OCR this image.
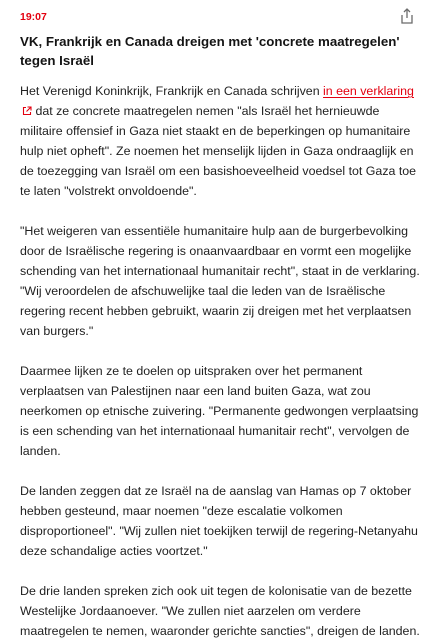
19:07
VK, Frankrijk en Canada dreigen met 'concrete maatregelen' tegen Israël

Het Verenigd Koninkrijk, Frankrijk en Canada schrijven in een verklaring dat ze concrete maatregelen nemen "als Israël het hernieuwde militaire offensief in Gaza niet staakt en de beperkingen op humanitaire hulp niet opheft". Ze noemen het menselijk lijden in Gaza ondraaglijk en de toezegging van Israël om een basishoeveelheid voedsel tot Gaza toe te laten "volstrekt onvoldoende".

"Het weigeren van essentiële humanitaire hulp aan de burgerbevolking door de Israëlische regering is onaanvaardbaar en vormt een mogelijke schending van het internationaal humanitair recht", staat in de verklaring. "Wij veroordelen de afschuwelijke taal die leden van de Israëlische regering recent hebben gebruikt, waarin zij dreigen met het verplaatsen van burgers."

Daarmee lijken ze te doelen op uitspraken over het permanent verplaatsen van Palestijnen naar een land buiten Gaza, wat zou neerkomen op etnische zuivering. "Permanente gedwongen verplaatsing is een schending van het internationaal humanitair recht", vervolgen de landen.

De landen zeggen dat ze Israël na de aanslag van Hamas op 7 oktober hebben gesteund, maar noemen "deze escalatie volkomen disproportioneel". "Wij zullen niet toekijken terwijl de regering-Netanyahu deze schandalige acties voortzet."

De drie landen spreken zich ook uit tegen de kolonisatie van de bezette Westelijke Jordaanoever. "We zullen niet aarzelen om verdere maatregelen te nemen, waaronder gerichte sancties", dreigen de landen.
